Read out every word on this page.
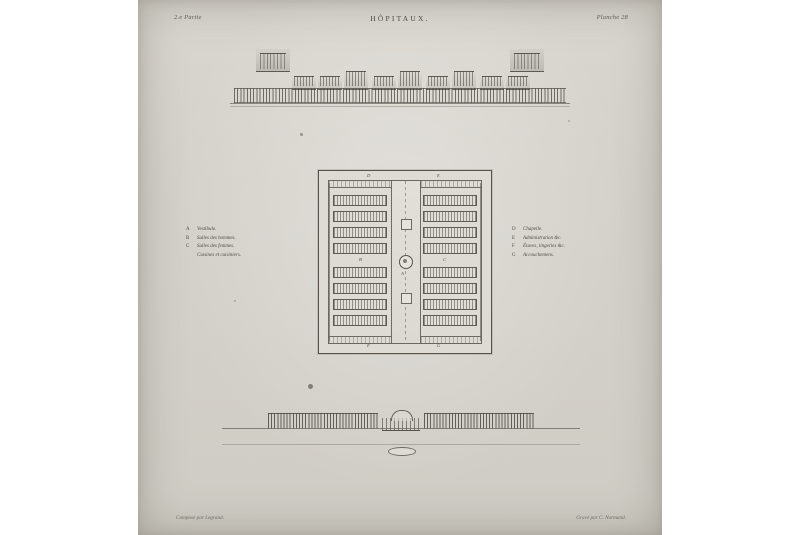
2.e Partie	HÔPITAUX.	Planche 28
D	E
A
B	C
F	G
A	Vestibule.
B	Salles des hommes.
C	Salles des femmes.
Cuisines et cuisiniers.
D	Chapelle.
E	Administration &c.
F	Étuves, lingeries &c.
G	Accouchemens.
Composé par Legrand.	Gravé par C. Normand.
